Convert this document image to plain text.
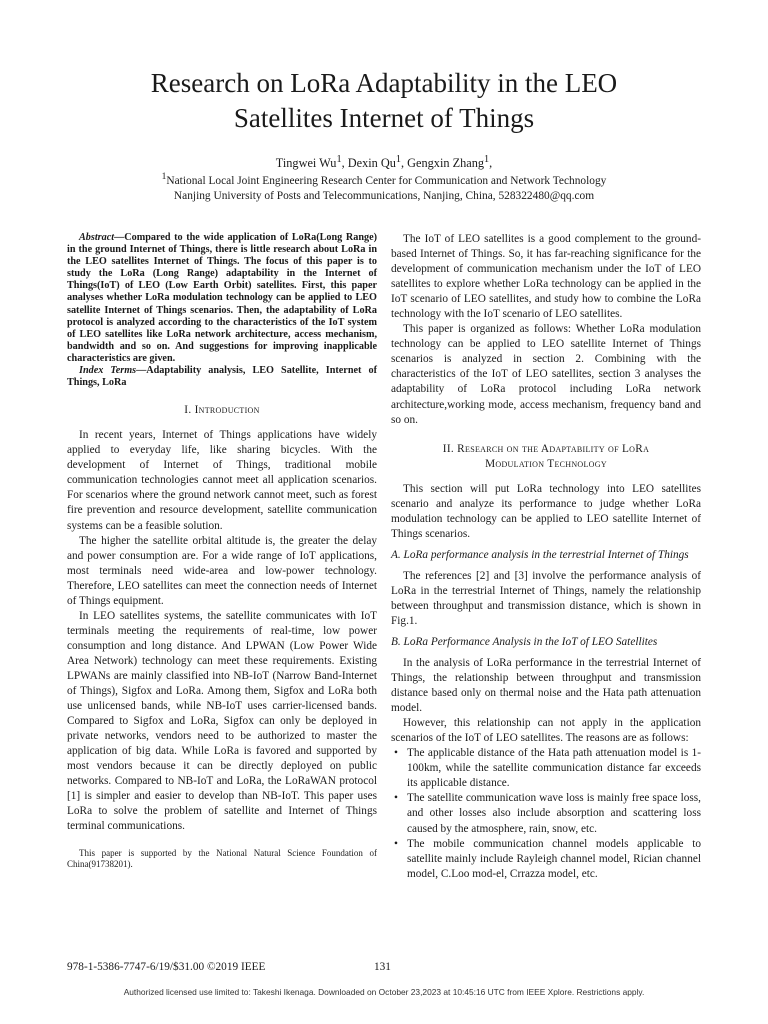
Research on LoRa Adaptability in the LEO
Satellites Internet of Things
Tingwei Wu$^1$, Dexin Qu$^1$, Gengxin Zhang$^1$,
$^1$National Local Joint Engineering Research Center for Communication and Network Technology
Nanjing University of Posts and Telecommunications, Nanjing, China, 528322480@qq.com

Abstract—Compared to the wide application of LoRa(Long Range) in the ground Internet of Things, there is little research about LoRa in the LEO satellites Internet of Things. The focus of this paper is to study the LoRa (Long Range) adaptability in the Internet of Things(IoT) of LEO (Low Earth Orbit) satellites. First, this paper analyses whether LoRa modulation technology can be applied to LEO satellite Internet of Things scenarios. Then, the adaptability of LoRa protocol is analyzed according to the characteristics of the IoT system of LEO satellites like LoRa network architecture, access mechanism, bandwidth and so on. And suggestions for improving inapplicable characteristics are given.

Index Terms—Adaptability analysis, LEO Satellite, Internet of Things, LoRa

I. Introduction

In recent years, Internet of Things applications have widely applied to everyday life, like sharing bicycles. With the development of Internet of Things, traditional mobile communication technologies cannot meet all application scenarios. For scenarios where the ground network cannot meet, such as forest fire prevention and resource development, satellite communication systems can be a feasible solution.

The higher the satellite orbital altitude is, the greater the delay and power consumption are. For a wide range of IoT applications, most terminals need wide-area and low-power technology. Therefore, LEO satellites can meet the connection needs of Internet of Things equipment.

In LEO satellites systems, the satellite communicates with IoT terminals meeting the requirements of real-time, low power consumption and long distance. And LPWAN (Low Power Wide Area Network) technology can meet these requirements. Existing LPWANs are mainly classified into NB-IoT (Narrow Band-Internet of Things), Sigfox and LoRa. Among them, Sigfox and LoRa both use unlicensed bands, while NB-IoT uses carrier-licensed bands. Compared to Sigfox and LoRa, Sigfox can only be deployed in private networks, vendors need to be authorized to master the application of big data. While LoRa is favored and supported by most vendors because it can be directly deployed on public networks. Compared to NB-IoT and LoRa, the LoRaWAN protocol [1] is simpler and easier to develop than NB-IoT. This paper uses LoRa to solve the problem of satellite and Internet of Things terminal communications.

This paper is supported by the National Natural Science Foundation of China(91738201).

The IoT of LEO satellites is a good complement to the ground-based Internet of Things. So, it has far-reaching significance for the development of communication mechanism under the IoT of LEO satellites to explore whether LoRa technology can be applied in the IoT scenario of LEO satellites, and study how to combine the LoRa technology with the IoT scenario of LEO satellites.

This paper is organized as follows: Whether LoRa modulation technology can be applied to LEO satellite Internet of Things scenarios is analyzed in section 2. Combining with the characteristics of the IoT of LEO satellites, section 3 analyses the adaptability of LoRa protocol including LoRa network architecture,working mode, access mechanism, frequency band and so on.

II. Research on the Adaptability of LoRa
Modulation Technology

This section will put LoRa technology into LEO satellites scenario and analyze its performance to judge whether LoRa modulation technology can be applied to LEO satellite Internet of Things scenarios.

A. LoRa performance analysis in the terrestrial Internet of Things

The references [2] and [3] involve the performance analysis of LoRa in the terrestrial Internet of Things, namely the relationship between throughput and transmission distance, which is shown in Fig.1.

B. LoRa Performance Analysis in the IoT of LEO Satellites

In the analysis of LoRa performance in the terrestrial Internet of Things, the relationship between throughput and transmission distance based only on thermal noise and the Hata path attenuation model.

However, this relationship can not apply in the application scenarios of the IoT of LEO satellites. The reasons are as follows:

• The applicable distance of the Hata path attenuation model is 1-100km, while the satellite communication distance far exceeds its applicable distance.
• The satellite communication wave loss is mainly free space loss, and other losses also include absorption and scattering loss caused by the atmosphere, rain, snow, etc.
• The mobile communication channel models applicable to satellite mainly include Rayleigh channel model, Rician channel model, C.Loo mod-el, Crrazza model, etc.
978-1-5386-7747-6/19/$31.00 ©2019 IEEE	131
Authorized licensed use limited to: Takeshi Ikenaga. Downloaded on October 23,2023 at 10:45:16 UTC from IEEE Xplore. Restrictions apply.
